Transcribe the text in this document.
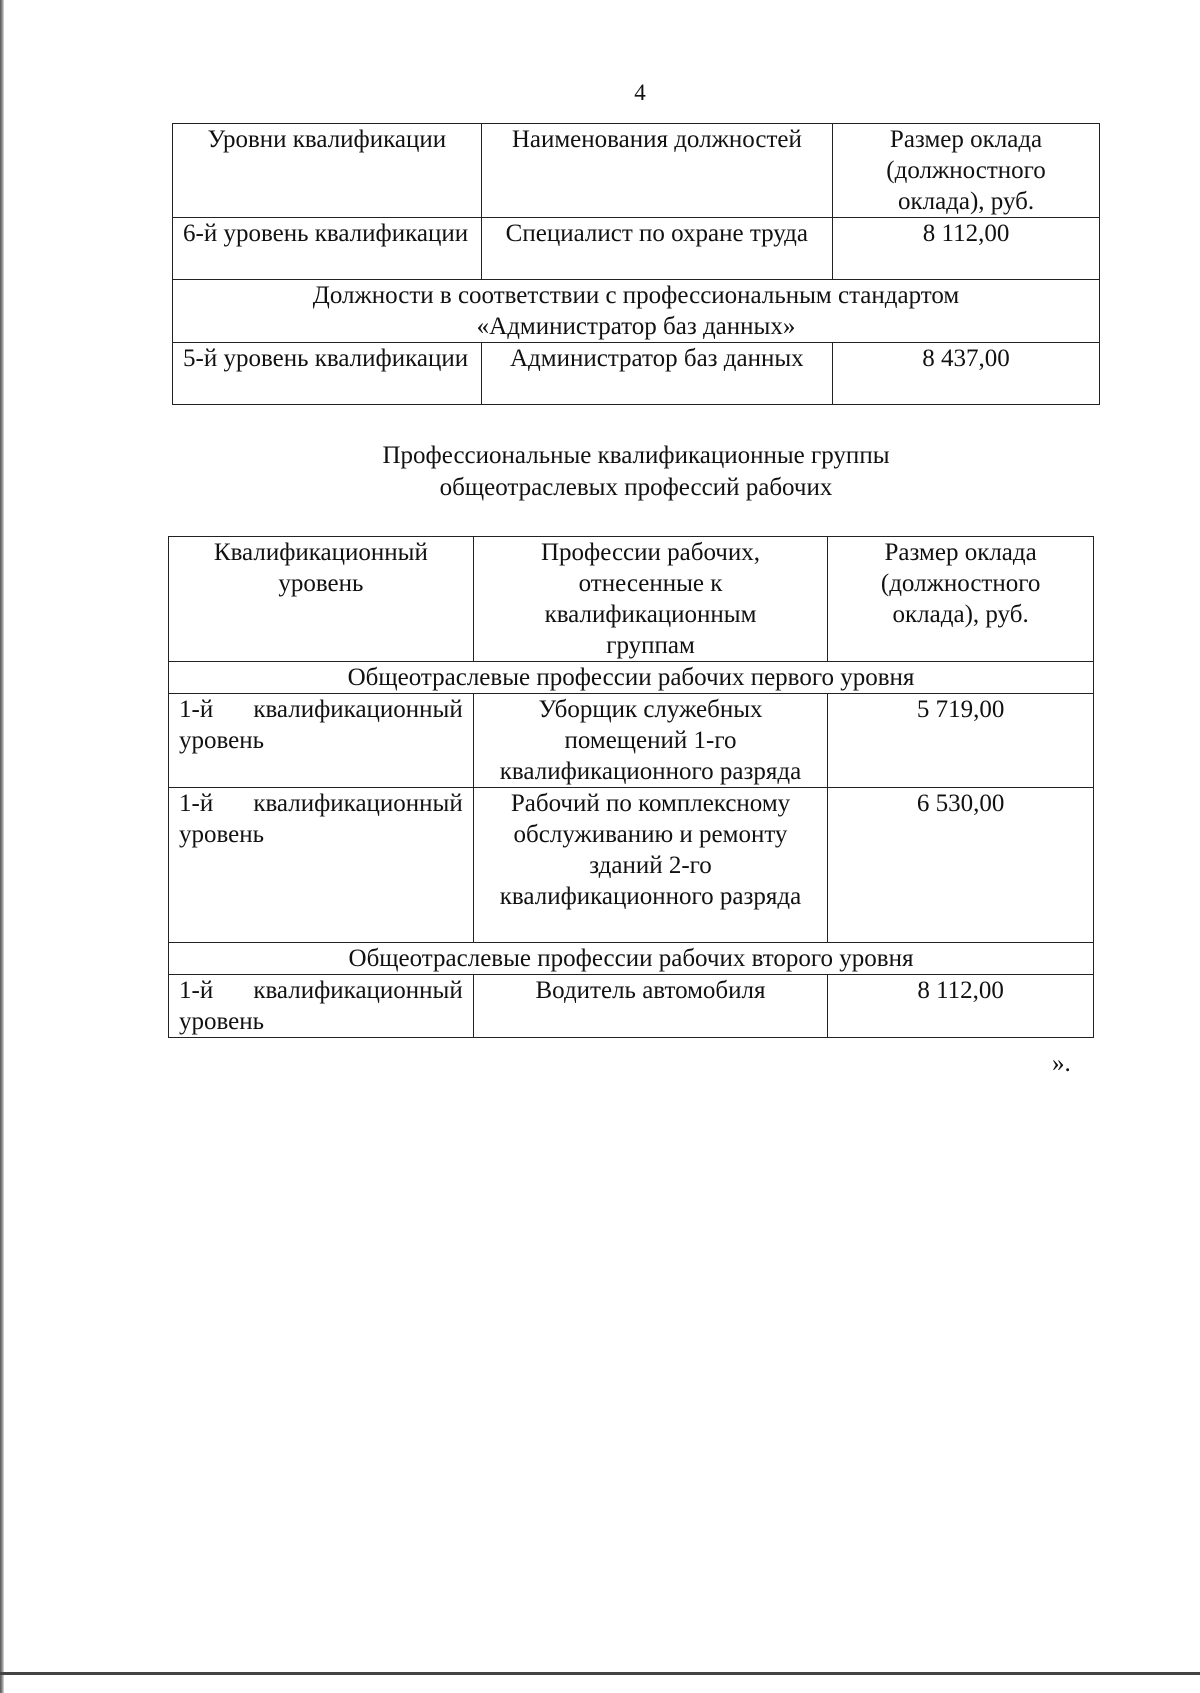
4
Уровни квалификации	Наименования должностей	Размер оклада (должностного оклада), руб.
6-й уровень квалификации	Специалист по охране труда	8 112,00

Должности в соответствии с профессиональным стандартом
«Администратор баз данных»		

5-й уровень квалификации	Администратор баз данных	8 437,00
Профессиональные квалификационные группы
общеотраслевых профессий рабочих
Квалификационный уровень	Профессии рабочих, отнесенные к квалификационным группам	Размер оклада (должностного оклада), руб.
Общеотраслевые профессии рабочих первого уровня		
1-й квалификационный уровень	Уборщик служебных помещений 1-го квалификационного разряда	5 719,00
1-й квалификационный уровень	Рабочий по комплексному обслуживанию и ремонту зданий 2-го квалификационного разряда	6 530,00
Общеотраслевые профессии рабочих второго уровня		
1-й квалификационный уровень	Водитель автомобиля	8 112,00
».
